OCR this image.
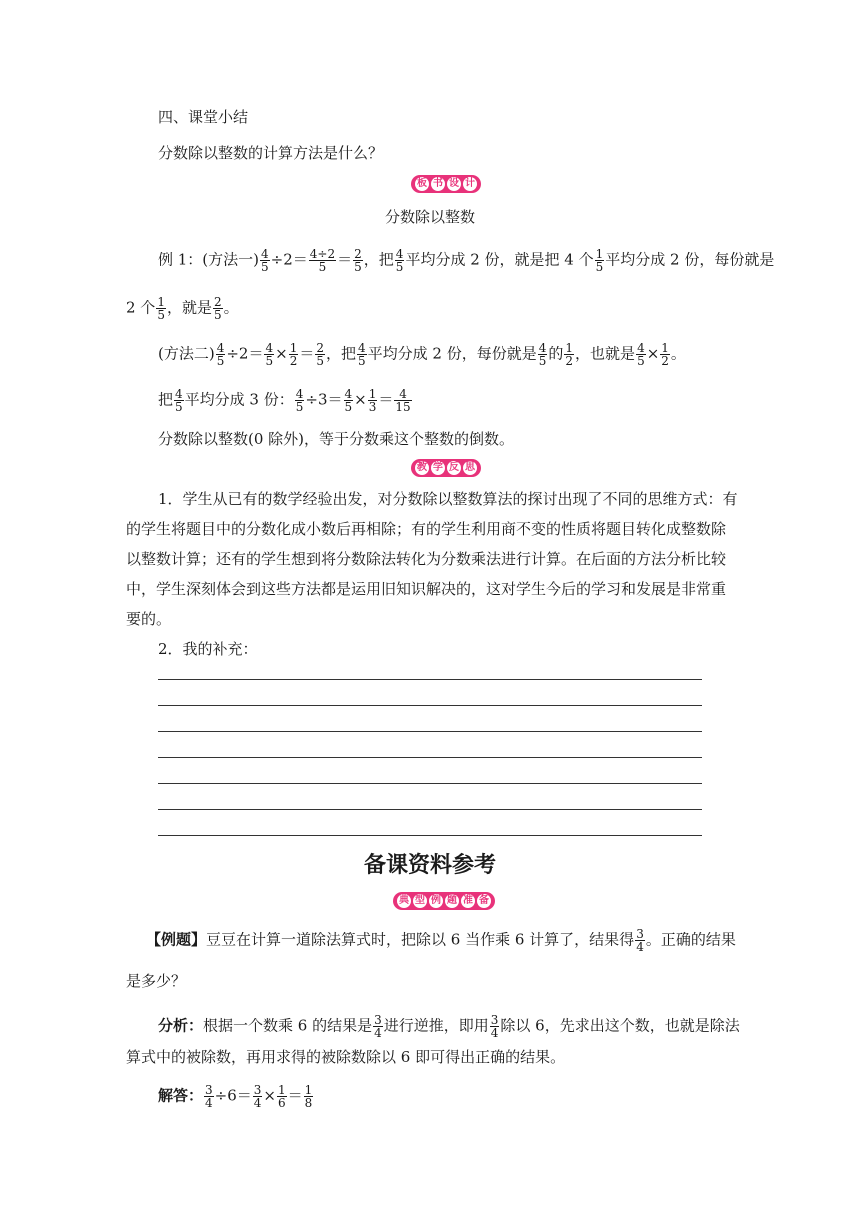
四、课堂小结
分数除以整数的计算方法是什么？
板 书 设 计
分数除以整数
例 1：(方法一) $\frac{4}{5} \div 2= \frac{4\div 2}{5} = \frac{2}{5}$ ，把 $\frac{4}{5}$ 平均分成 2 份，就是把 4 个 $\frac{1}{5}$ 平均分成 2 份，每份就是
2 个 $\frac{1}{5}$ ，就是 $\frac{2}{5}$ 。
(方法二) $\frac{4}{5} \div 2= \frac{4}{5} \times \frac{1}{2} = \frac{2}{5}$ ，把 $\frac{4}{5}$ 平均分成 2 份，每份就是 $\frac{4}{5}$ 的 $\frac{1}{2}$ ，也就是 $\frac{4}{5} \times \frac{1}{2}$ 。
把 $\frac{4}{5}$ 平均分成 3 份： $\frac{4}{5} \div 3= \frac{4}{5} \times \frac{1}{3} = \frac{4}{15}$
分数除以整数(0 除外)，等于分数乘这个整数的倒数。
教 学 反 思
1．学生从已有的数学经验出发，对分数除以整数算法的探讨出现了不同的思维方式：有
的学生将题目中的分数化成小数后再相除；有的学生利用商不变的性质将题目转化成整数除
以整数计算；还有的学生想到将分数除法转化为分数乘法进行计算。在后面的方法分析比较
中，学生深刻体会到这些方法都是运用旧知识解决的，这对学生今后的学习和发展是非常重
要的。
2．我的补充：
备课资料参考
典 型 例 题 准 备
【例题】豆豆在计算一道除法算式时，把除以 6 当作乘 6 计算了，结果得 $\frac{3}{4}$ 。正确的结果
是多少？
分析：根据一个数乘 6 的结果是 $\frac{3}{4}$ 进行逆推，即用 $\frac{3}{4}$ 除以 6，先求出这个数，也就是除法
算式中的被除数，再用求得的被除数除以 6 即可得出正确的结果。
解答： $\frac{3}{4} \div 6= \frac{3}{4} \times \frac{1}{6} = \frac{1}{8}$
